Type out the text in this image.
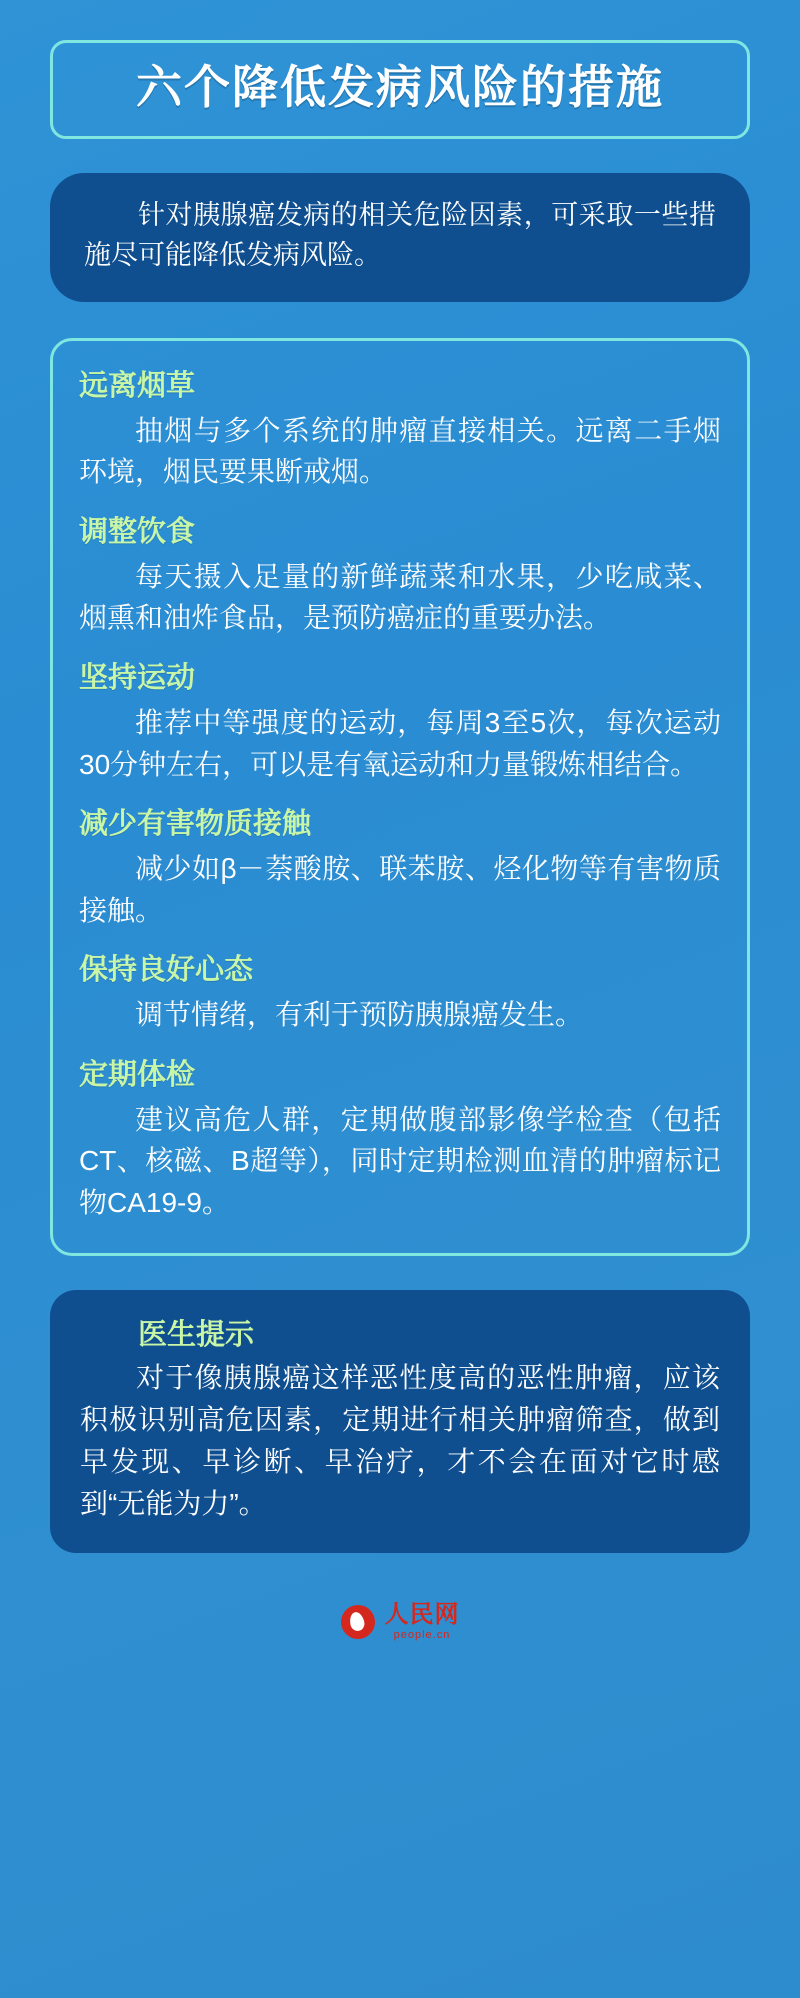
六个降低发病风险的措施
针对胰腺癌发病的相关危险因素，可采取一些措施尽可能降低发病风险。
远离烟草
抽烟与多个系统的肿瘤直接相关。远离二手烟环境，烟民要果断戒烟。
调整饮食
每天摄入足量的新鲜蔬菜和水果，少吃咸菜、烟熏和油炸食品，是预防癌症的重要办法。
坚持运动
推荐中等强度的运动，每周3至5次，每次运动30分钟左右，可以是有氧运动和力量锻炼相结合。
减少有害物质接触
减少如β－萘酸胺、联苯胺、烃化物等有害物质接触。
保持良好心态
调节情绪，有利于预防胰腺癌发生。
定期体检
建议高危人群，定期做腹部影像学检查（包括CT、核磁、B超等），同时定期检测血清的肿瘤标记物CA19-9。
医生提示
对于像胰腺癌这样恶性度高的恶性肿瘤，应该积极识别高危因素，定期进行相关肿瘤筛查，做到早发现、早诊断、早治疗，才不会在面对它时感到“无能为力”。
人民网
people.cn
